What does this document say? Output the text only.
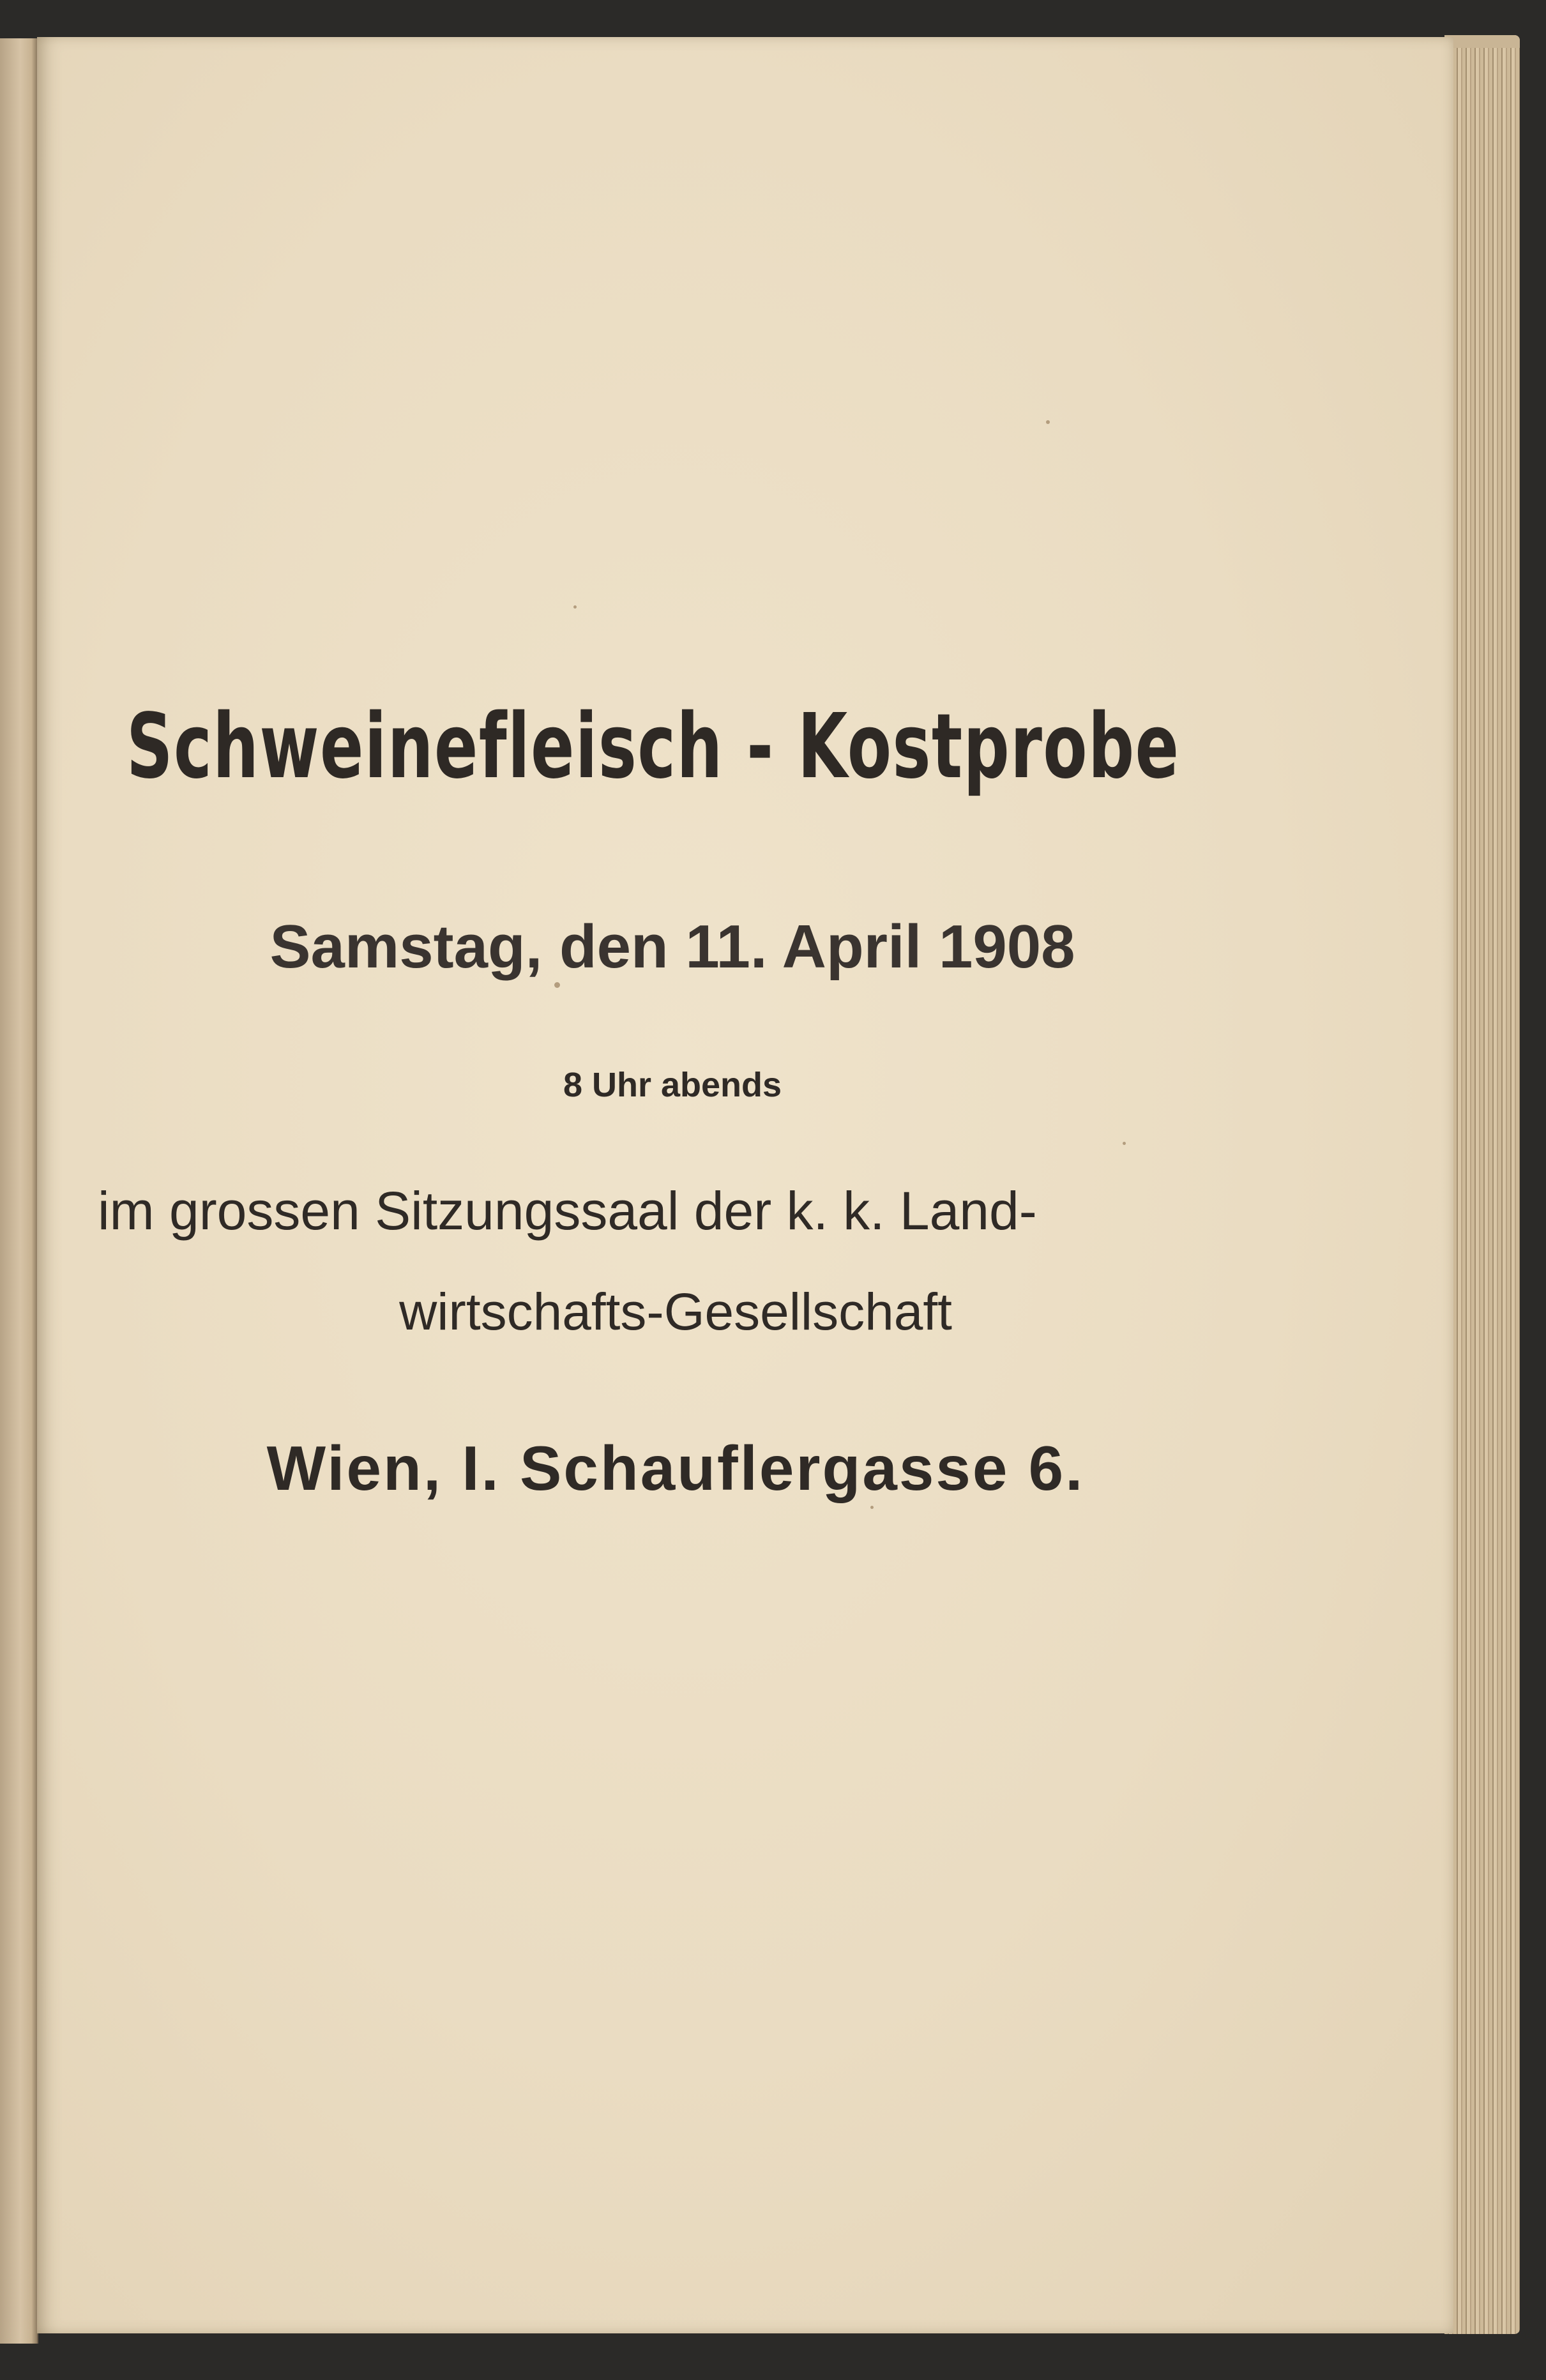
Schweinefleisch - Kostprobe
Samstag, den 11. April 1908
8 Uhr abends
im grossen Sitzungssaal der k. k. Land-
wirtschafts-Gesellschaft
Wien, I. Schauflergasse 6.
